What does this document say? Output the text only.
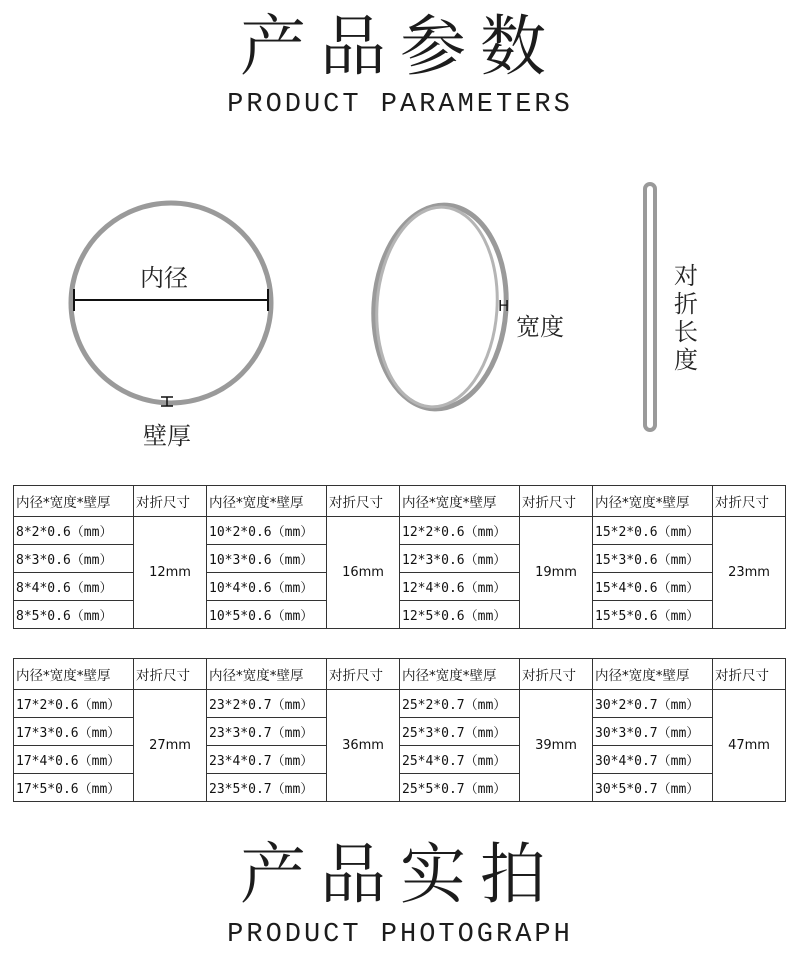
产品参数
PRODUCT PARAMETERS
内径
壁厚
H
宽度
对
折
长
度
内径*宽度*壁厚	对折尺寸	内径*宽度*壁厚	对折尺寸	内径*宽度*壁厚	对折尺寸	内径*宽度*壁厚	对折尺寸
8*2*0.6（mm）	12mm	10*2*0.6（mm）	16mm	12*2*0.6（mm）	19mm	15*2*0.6（mm）	23mm
8*3*0.6（mm）		10*3*0.6（mm）		12*3*0.6（mm）		15*3*0.6（mm）	
8*4*0.6（mm）		10*4*0.6（mm）		12*4*0.6（mm）		15*4*0.6（mm）	
8*5*0.6（mm）		10*5*0.6（mm）		12*5*0.6（mm）		15*5*0.6（mm）	
内径*宽度*壁厚	对折尺寸	内径*宽度*壁厚	对折尺寸	内径*宽度*壁厚	对折尺寸	内径*宽度*壁厚	对折尺寸
17*2*0.6（mm）	27mm	23*2*0.7（mm）	36mm	25*2*0.7（mm）	39mm	30*2*0.7（mm）	47mm
17*3*0.6（mm）		23*3*0.7（mm）		25*3*0.7（mm）		30*3*0.7（mm）	
17*4*0.6（mm）		23*4*0.7（mm）		25*4*0.7（mm）		30*4*0.7（mm）	
17*5*0.6（mm）		23*5*0.7（mm）		25*5*0.7（mm）		30*5*0.7（mm）	
产品实拍
PRODUCT PHOTOGRAPH
